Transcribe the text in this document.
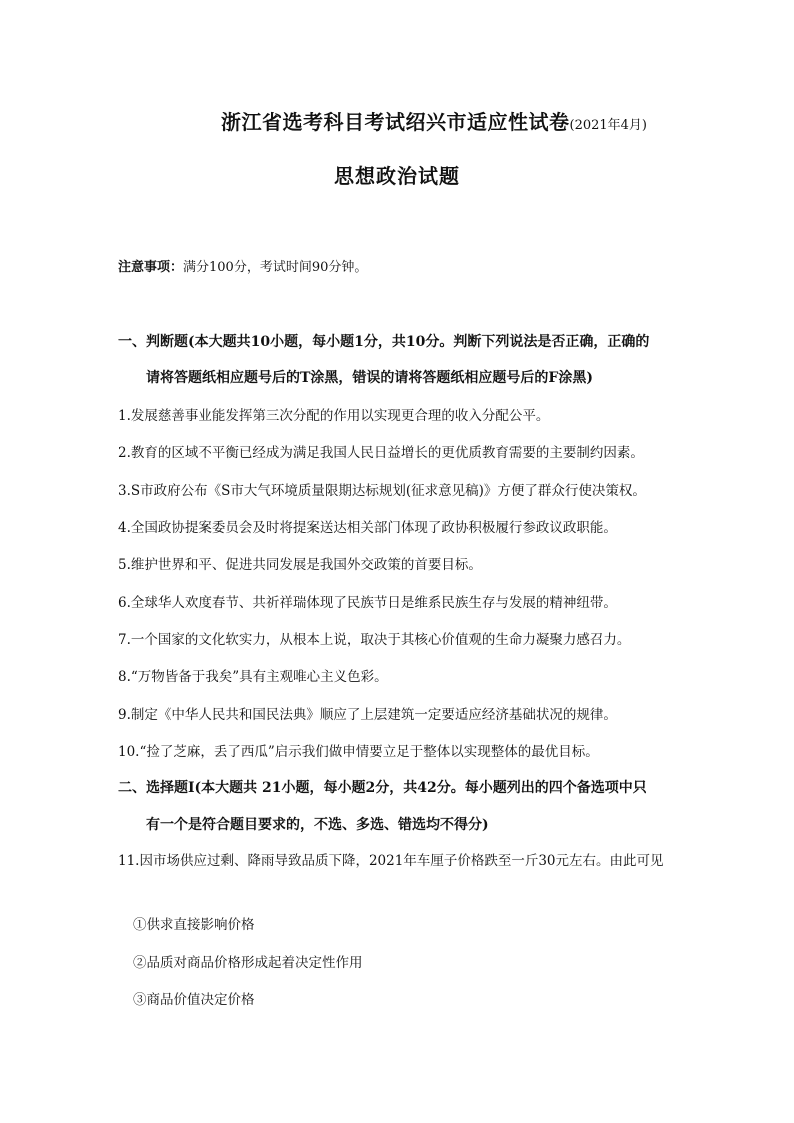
浙江省选考科目考试绍兴市适应性试卷(2021年4月)
思想政治试题
注意事项：满分100分，考试时间90分钟。
一、判断题(本大题共10小题，每小题1分，共10分。判断下列说法是否正确，正确的
请将答题纸相应题号后的T涂黑，错误的请将答题纸相应题号后的F涂黑)
1.发展慈善事业能发挥第三次分配的作用以实现更合理的收入分配公平。
2.教育的区域不平衡已经成为满足我国人民日益增长的更优质教育需要的主要制约因素。
3.S市政府公布《S市大气环境质量限期达标规划(征求意见稿)》方便了群众行使决策权。
4.全国政协提案委员会及时将提案送达相关部门体现了政协积极履行参政议政职能。
5.维护世界和平、促进共同发展是我国外交政策的首要目标。
6.全球华人欢度春节、共祈祥瑞体现了民族节日是维系民族生存与发展的精神纽带。
7.一个国家的文化软实力，从根本上说，取决于其核心价值观的生命力凝聚力感召力。
8.“万物皆备于我矣”具有主观唯心主义色彩。
9.制定《中华人民共和国民法典》顺应了上层建筑一定要适应经济基础状况的规律。
10.“捡了芝麻，丢了西瓜”启示我们做申情要立足于整体以实现整体的最优目标。
二、选择题Ⅰ(本大题共 21小题，每小题2分，共42分。每小题列出的四个备选项中只
有一个是符合题目要求的，不选、多选、错选均不得分)
11.因市场供应过剩、降雨导致品质下降，2021年车厘子价格跌至一斤30元左右。由此可见
①供求直接影响价格
②品质对商品价格形成起着决定性作用
③商品价值决定价格
